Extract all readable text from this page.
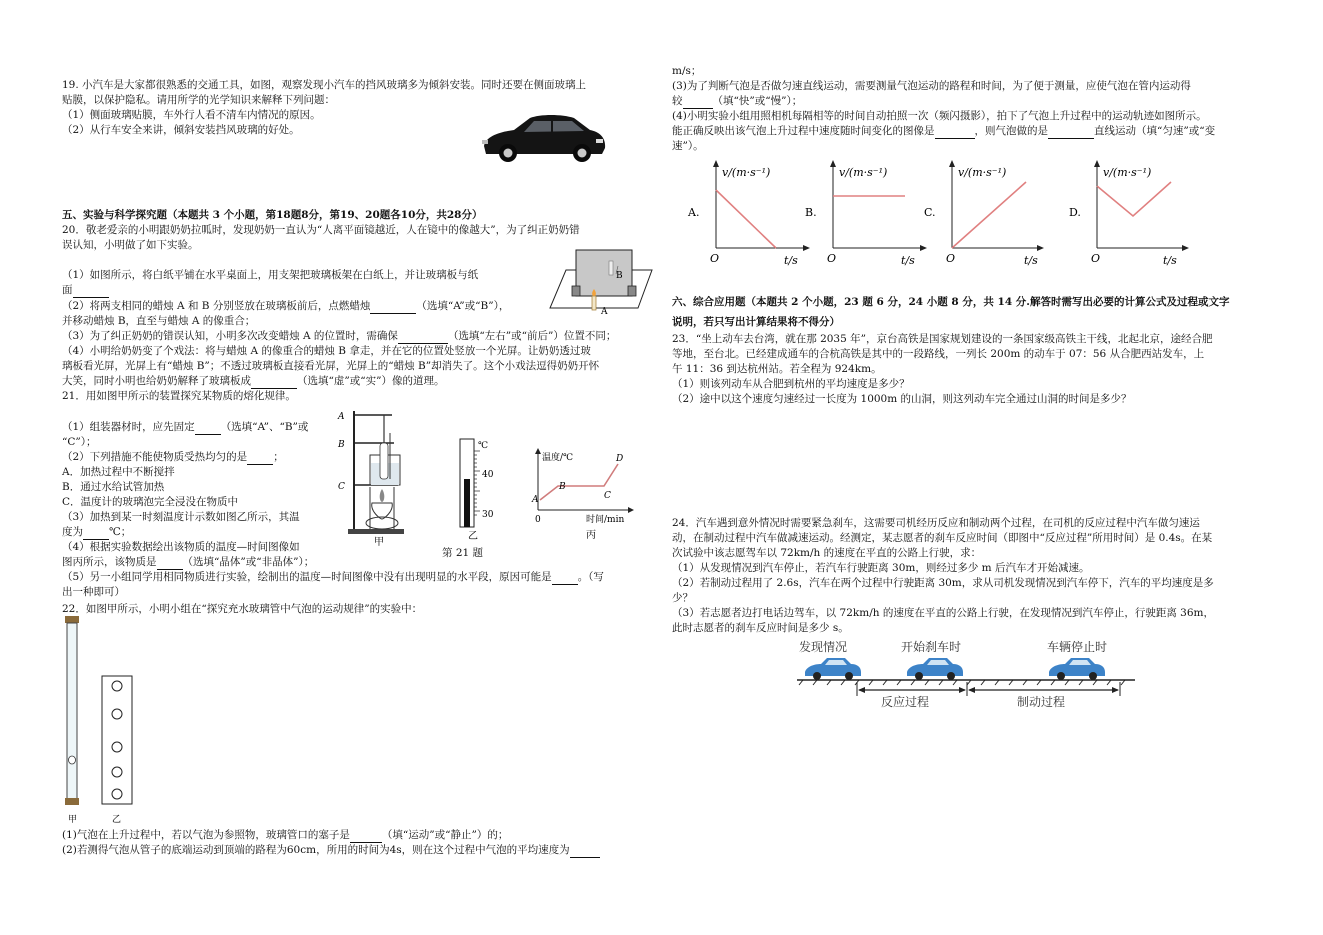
19. 小汽车是大家都很熟悉的交通工具，如图，观察发现小汽车的挡风玻璃多为倾斜安装。同时还要在侧面玻璃上
贴膜，以保护隐私。请用所学的光学知识来解释下列问题：
（1）侧面玻璃贴膜，车外行人看不清车内情况的原因。
（2）从行车安全来讲，倾斜安装挡风玻璃的好处。
五、实验与科学探究题（本题共 3 个小题，第18题8分，第19、20题各10分，共28分）
20．敬老爱亲的小明跟奶奶拉呱时，发现奶奶一直认为“人离平面镜越近，人在镜中的像越大”，为了纠正奶奶错
误认知，小明做了如下实验。
（1）如图所示，将白纸平铺在水平桌面上，用支架把玻璃板架在白纸上，并让玻璃板与纸
面
（2）将两支相同的蜡烛 A 和 B 分别竖放在玻璃板前后，点燃蜡烛	（选填“A”或“B”），
并移动蜡烛 B，直至与蜡烛 A 的像重合；
（3）为了纠正奶奶的错误认知，小明多次改变蜡烛 A 的位置时，需确保	（选填“左右”或“前后”）位置不同；
（4）小明给奶奶变了个戏法：将与蜡烛 A 的像重合的蜡烛 B 拿走，并在它的位置处竖放一个光屏。让奶奶透过玻
璃板看光屏，光屏上有“蜡烛 B”；不透过玻璃板直接看光屏，光屏上的“蜡烛 B”却消失了。这个小戏法逗得奶奶开怀
大笑，同时小明也给奶奶解释了玻璃板成	（选填“虚”或“实”）像的道理。
B
A
21．用如图甲所示的装置探究某物质的熔化规律。
（1）组装器材时，应先固定 （选填“A”、“B”或
“C”）；
（2）下列措施不能使物质受热均匀的是 ；
A．加热过程中不断搅拌
B．通过水给试管加热
C．温度计的玻璃泡完全浸没在物质中
（3）加热到某一时刻温度计示数如图乙所示，其温
度为 ℃；
（4）根据实验数据绘出该物质的温度—时间图像如
图丙所示，该物质是 （选填“晶体”或“非晶体”）；
（5）另一小组同学用相同物质进行实验，绘制出的温度—时间图像中没有出现明显的水平段，原因可能是 。（写
出一种即可）
A
B
C
甲
℃
40
30
乙
温度/℃
A
B
C
D
0	时间/min
丙
第 21 题
22．如图甲所示，小明小组在“探究充水玻璃管中气泡的运动规律”的实验中：
甲	乙
(1)气泡在上升过程中，若以气泡为参照物，玻璃管口的塞子是	（填“运动”或“静止”）的；
(2)若测得气泡从管子的底端运动到顶端的路程为60cm，所用的时间为4s，则在这个过程中气泡的平均速度为
m/s；
(3)为了判断气泡是否做匀速直线运动，需要测量气泡运动的路程和时间，为了便于测量，应使气泡在管内运动得
较	（填“快”或“慢”）；
(4)小明实验小组用照相机每隔相等的时间自动拍照一次（频闪摄影），拍下了气泡上升过程中的运动轨迹如图所示。
能正确反映出该气泡上升过程中速度随时间变化的图像是	，则气泡做的是	直线运动（填“匀速”或“变
速”）。
A.
v/(m·s⁻¹)
t/s
O
B.
v/(m·s⁻¹)
t/s
O
C.
v/(m·s⁻¹)
t/s
O
D.
v/(m·s⁻¹)
t/s
O
六、综合应用题（本题共 2 个小题，23 题 6 分，24 小题 8 分，共 14 分.解答时需写出必要的计算公式及过程或文字
说明，若只写出计算结果将不得分）
23．“坐上动车去台湾，就在那 2035 年”，京台高铁是国家规划建设的一条国家级高铁主干线，北起北京，途经合肥
等地，至台北。已经建成通车的合杭高铁是其中的一段路线，一列长 200m 的动车于 07：56 从合肥西站发车，上
午 11：36 到达杭州站。若全程为 924km。
（1）则该列动车从合肥到杭州的平均速度是多少？
（2）途中以这个速度匀速经过一长度为 1000m 的山洞，则这列动车完全通过山洞的时间是多少？
24．汽车遇到意外情况时需要紧急刹车，这需要司机经历反应和制动两个过程，在司机的反应过程中汽车做匀速运
动，在制动过程中汽车做减速运动。经测定，某志愿者的刹车反应时间（即图中“反应过程”所用时间）是 0.4s。在某
次试验中该志愿驾车以 72km/h 的速度在平直的公路上行驶，求：
（1）从发现情况到汽车停止，若汽车行驶距离 30m，则经过多少 m 后汽车才开始减速。
（2）若制动过程用了 2.6s，汽车在两个过程中行驶距离 30m，求从司机发现情况到汽车停下，汽车的平均速度是多
少？
（3）若志愿者边打电话边驾车，以 72km/h 的速度在平直的公路上行驶，在发现情况到汽车停止，行驶距离 36m，
此时志愿者的刹车反应时间是多少 s。
发现情况	开始刹车时	车辆停止时
反应过程	制动过程
